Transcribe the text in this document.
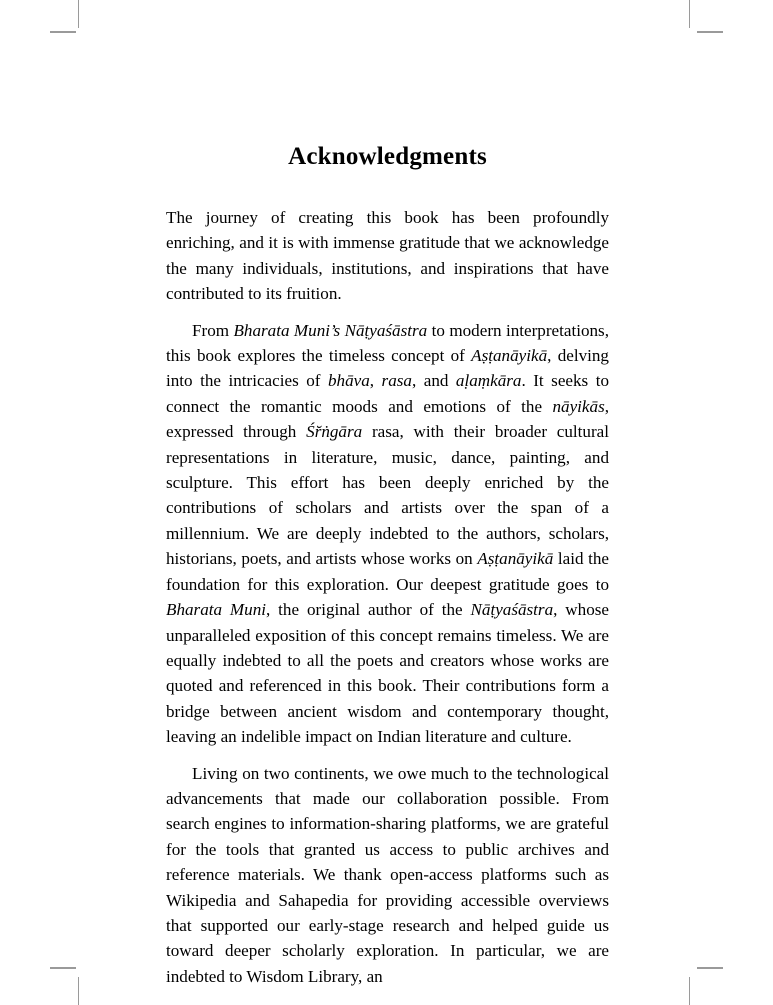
Acknowledgments

The journey of creating this book has been profoundly enriching, and it is with immense gratitude that we acknowledge the many individuals, institutions, and inspirations that have contributed to its fruition.

From Bharata Muni’s Nāṭyaśāstra to modern interpretations, this book explores the timeless concept of Aṣṭanāyikā, delving into the intricacies of bhāva, rasa, and aḷaṃkāra. It seeks to connect the romantic moods and emotions of the nāyikās, expressed through Śr̆ṅgāra rasa, with their broader cultural representations in literature, music, dance, painting, and sculpture. This effort has been deeply enriched by the contributions of scholars and artists over the span of a millennium. We are deeply indebted to the authors, scholars, historians, poets, and artists whose works on Aṣṭanāyikā laid the foundation for this exploration. Our deepest gratitude goes to Bharata Muni, the original author of the Nāṭyaśāstra, whose unparalleled exposition of this concept remains timeless. We are equally indebted to all the poets and creators whose works are quoted and referenced in this book. Their contributions form a bridge between ancient wisdom and contemporary thought, leaving an indelible impact on Indian literature and culture.

Living on two continents, we owe much to the technological advancements that made our collaboration possible. From search engines to information-sharing platforms, we are grateful for the tools that granted us access to public archives and reference materials. We thank open-access platforms such as Wikipedia and Sahapedia for providing accessible overviews that supported our early-stage research and helped guide us toward deeper scholarly exploration. In particular, we are indebted to Wisdom Library, an
